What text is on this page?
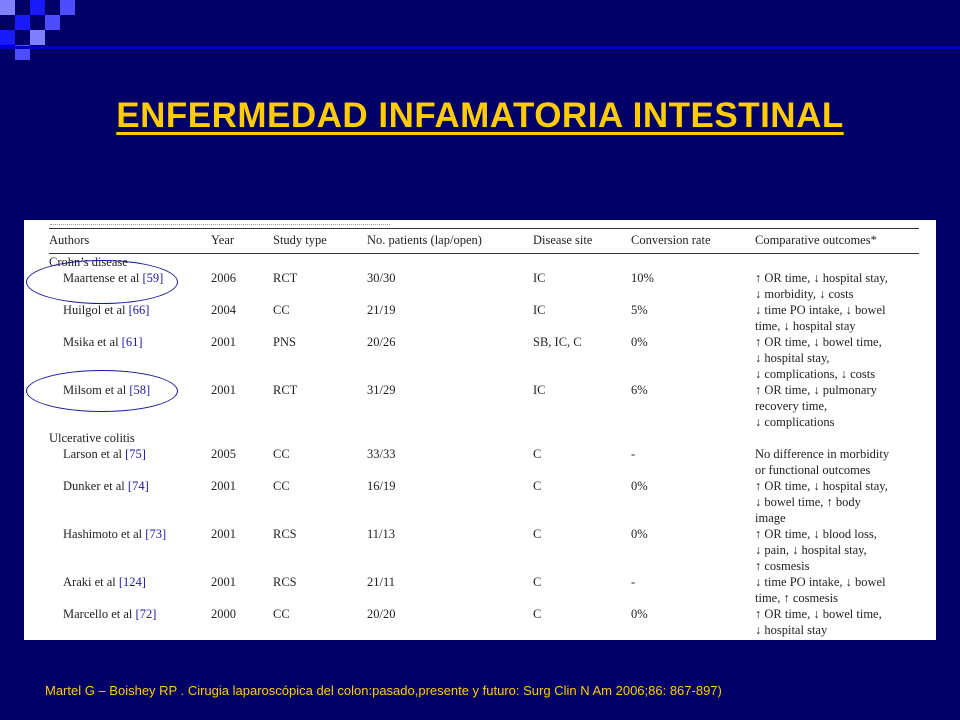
ENFERMEDAD INFAMATORIA INTESTINAL
Authors	Year	Study type	No. patients (lap/open)	Disease site	Conversion rate	Comparative outcomes*
Crohn’s disease						
Maartense et al [59]	2006	RCT	30/30	IC	10%	↑ OR time, ↓ hospital stay,
↓ morbidity, ↓ costs
Huilgol et al [66]	2004	CC	21/19	IC	5%	↓ time PO intake, ↓ bowel
time, ↓ hospital stay
Msika et al [61]	2001	PNS	20/26	SB, IC, C	0%	↑ OR time, ↓ bowel time,
↓ hospital stay,
↓ complications, ↓ costs
Milsom et al [58]	2001	RCT	31/29	IC	6%	↑ OR time, ↓ pulmonary
recovery time,
↓ complications
Ulcerative colitis						
Larson et al [75]	2005	CC	33/33	C	-	No difference in morbidity
or functional outcomes
Dunker et al [74]	2001	CC	16/19	C	0%	↑ OR time, ↓ hospital stay,
↓ bowel time, ↑ body
image
Hashimoto et al [73]	2001	RCS	11/13	C	0%	↑ OR time, ↓ blood loss,
↓ pain, ↓ hospital stay,
↑ cosmesis
Araki et al [124]	2001	RCS	21/11	C	-	↓ time PO intake, ↓ bowel
time, ↑ cosmesis
Marcello et al [72]	2000	CC	20/20	C	0%	↑ OR time, ↓ bowel time,
↓ hospital stay

Martel G – Boishey RP . Cirugia laparoscópica del colon:pasado,presente y futuro: Surg Clin N Am 2006;86: 867-897)
